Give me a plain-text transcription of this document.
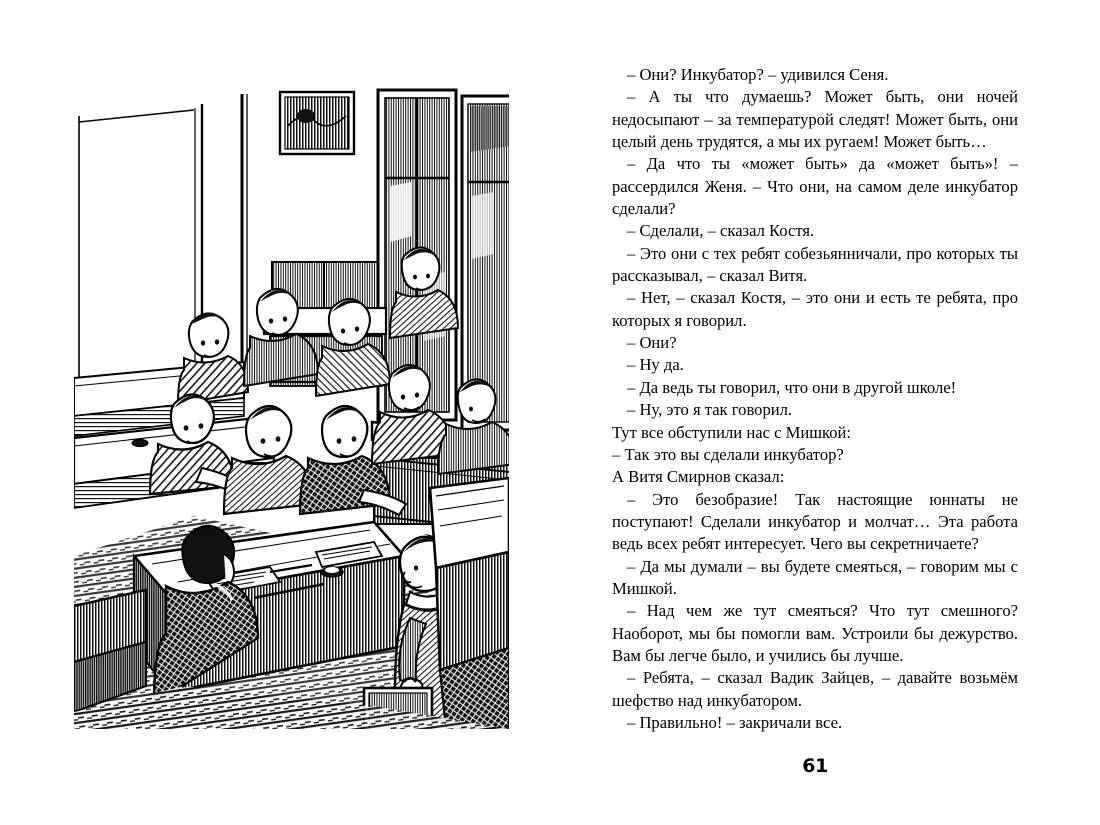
– Они? Инкубатор? – удивился Сеня.

– А ты что думаешь? Может быть, они ночей недосыпают – за температурой следят! Может быть, они целый день трудятся, а мы их ругаем! Может быть…

– Да что ты «может быть» да «может быть»! – рассердился Женя. – Что они, на самом деле инкубатор сделали?

– Сделали, – сказал Костя.

– Это они с тех ребят собезьянничали, про которых ты рассказывал, – сказал Витя.

– Нет, – сказал Костя, – это они и есть те ребята, про которых я говорил.

– Они?

– Ну да.

– Да ведь ты говорил, что они в другой школе!

– Ну, это я так говорил.

Тут все обступили нас с Мишкой:

– Так это вы сделали инкубатор?

А Витя Смирнов сказал:

– Это безобразие! Так настоящие юннаты не поступают! Сделали инкубатор и молчат… Эта работа ведь всех ребят интересует. Чего вы секретничаете?

– Да мы думали – вы будете смеяться, – говорим мы с Мишкой.

– Над чем же тут смеяться? Что тут смешного? Наоборот, мы бы помогли вам. Устроили бы дежурство. Вам бы легче было, и учились бы лучше.

– Ребята, – сказал Вадик Зайцев, – давайте возьмём шефство над инкубатором.

– Правильно! – закричали все.

61
